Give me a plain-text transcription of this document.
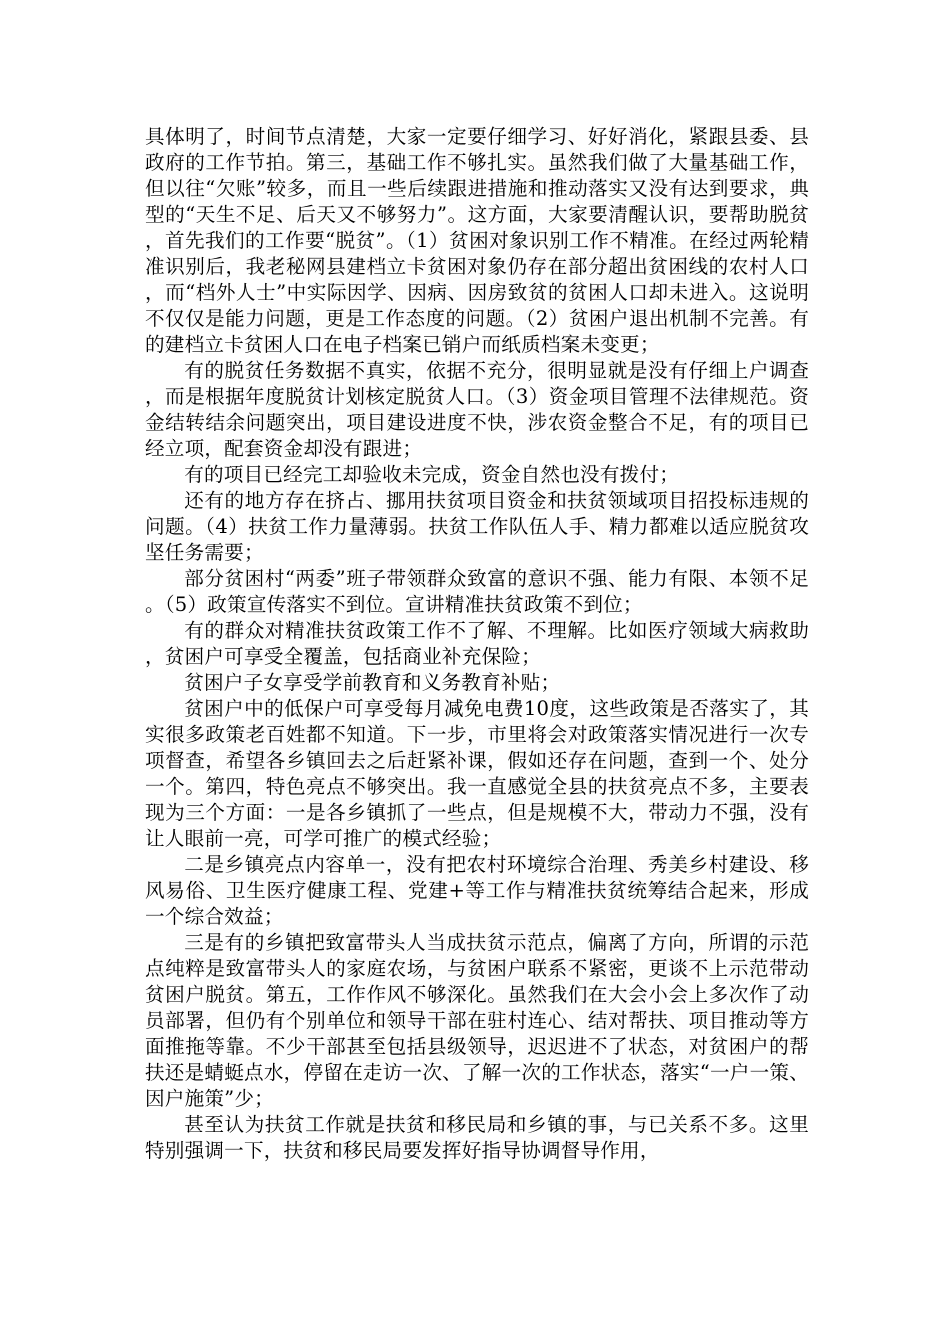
具体明了，时间节点清楚，大家一定要仔细学习、好好消化，紧跟县委、县政府的工作节拍。第三，基础工作不够扎实。虽然我们做了大量基础工作，但以往“欠账”较多，而且一些后续跟进措施和推动落实又没有达到要求，典型的“天生不足、后天又不够努力”。这方面，大家要清醒认识，要帮助脱贫，首先我们的工作要“脱贫”。（1）贫困对象识别工作不精准。在经过两轮精准识别后，我老秘网县建档立卡贫困对象仍存在部分超出贫困线的农村人口，而“档外人士”中实际因学、因病、因房致贫的贫困人口却未进入。这说明不仅仅是能力问题，更是工作态度的问题。（2）贫困户退出机制不完善。有的建档立卡贫困人口在电子档案已销户而纸质档案未变更；

有的脱贫任务数据不真实，依据不充分，很明显就是没有仔细上户调查，而是根据年度脱贫计划核定脱贫人口。（3）资金项目管理不法律规范。资金结转结余问题突出，项目建设进度不快，涉农资金整合不足，有的项目已经立项，配套资金却没有跟进；

有的项目已经完工却验收未完成，资金自然也没有拨付；

还有的地方存在挤占、挪用扶贫项目资金和扶贫领域项目招投标违规的问题。（4）扶贫工作力量薄弱。扶贫工作队伍人手、精力都难以适应脱贫攻坚任务需要；

部分贫困村“两委”班子带领群众致富的意识不强、能力有限、本领不足。（5）政策宣传落实不到位。宣讲精准扶贫政策不到位；

有的群众对精准扶贫政策工作不了解、不理解。比如医疗领域大病救助，贫困户可享受全覆盖，包括商业补充保险；

贫困户子女享受学前教育和义务教育补贴；

贫困户中的低保户可享受每月减免电费10度，这些政策是否落实了，其实很多政策老百姓都不知道。下一步，市里将会对政策落实情况进行一次专项督查，希望各乡镇回去之后赶紧补课，假如还存在问题，查到一个、处分一个。第四，特色亮点不够突出。我一直感觉全县的扶贫亮点不多，主要表现为三个方面：一是各乡镇抓了一些点，但是规模不大，带动力不强，没有让人眼前一亮，可学可推广的模式经验；

二是乡镇亮点内容单一，没有把农村环境综合治理、秀美乡村建设、移风易俗、卫生医疗健康工程、党建+等工作与精准扶贫统筹结合起来，形成一个综合效益；

三是有的乡镇把致富带头人当成扶贫示范点，偏离了方向，所谓的示范点纯粹是致富带头人的家庭农场，与贫困户联系不紧密，更谈不上示范带动贫困户脱贫。第五，工作作风不够深化。虽然我们在大会小会上多次作了动员部署，但仍有个别单位和领导干部在驻村连心、结对帮扶、项目推动等方面推拖等靠。不少干部甚至包括县级领导，迟迟进不了状态，对贫困户的帮扶还是蜻蜓点水，停留在走访一次、了解一次的工作状态，落实“一户一策、因户施策”少；

甚至认为扶贫工作就是扶贫和移民局和乡镇的事，与已关系不多。这里特别强调一下，扶贫和移民局要发挥好指导协调督导作用，
